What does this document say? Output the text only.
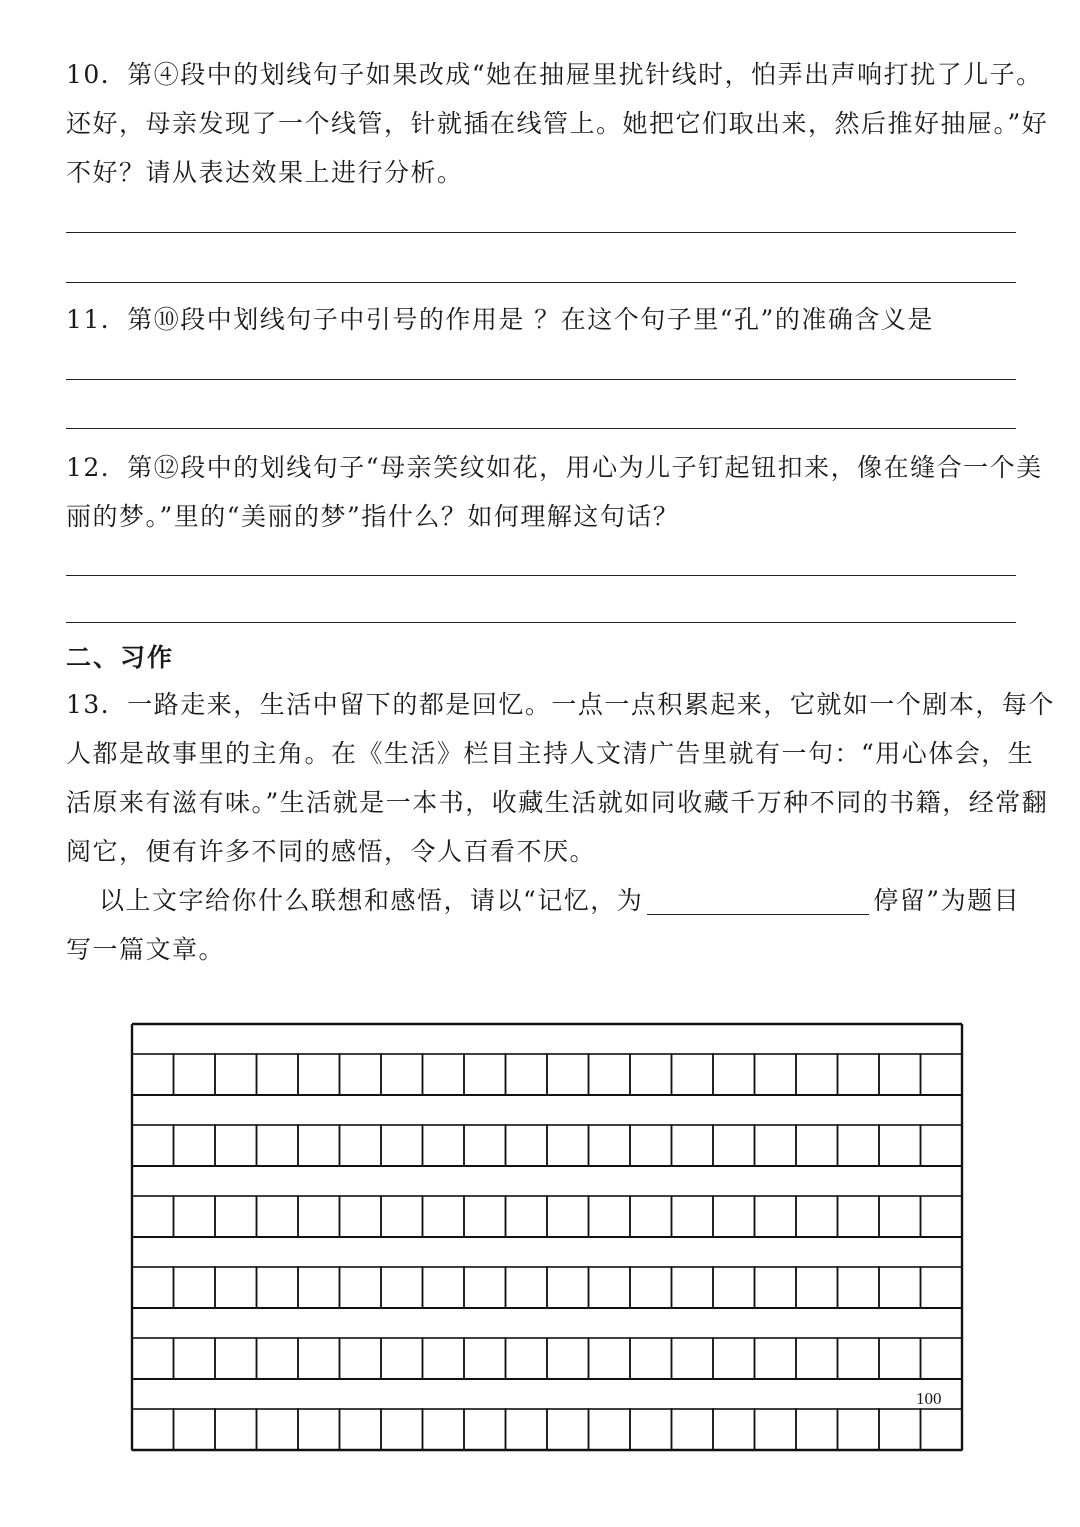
10．第④段中的划线句子如果改成“她在抽屉里扰针线时，怕弄出声响打扰了儿子。
还好，母亲发现了一个线管，针就插在线管上。她把它们取出来，然后推好抽屉。”好
不好？请从表达效果上进行分析。
11．第⑩段中划线句子中引号的作用是 ？在这个句子里“孔”的准确含义是
12．第⑫段中的划线句子“母亲笑纹如花，用心为儿子钉起钮扣来，像在缝合一个美
丽的梦。”里的“美丽的梦”指什么？如何理解这句话？
二、习作
13．一路走来，生活中留下的都是回忆。一点一点积累起来，它就如一个剧本，每个
人都是故事里的主角。在《生活》栏目主持人文清广告里就有一句：“用心体会，生
活原来有滋有味。”生活就是一本书，收藏生活就如同收藏千万种不同的书籍，经常翻
阅它，便有许多不同的感悟，令人百看不厌。
以上文字给你什么联想和感悟，请以“记忆，为	停留”为题目
写一篇文章。
100
